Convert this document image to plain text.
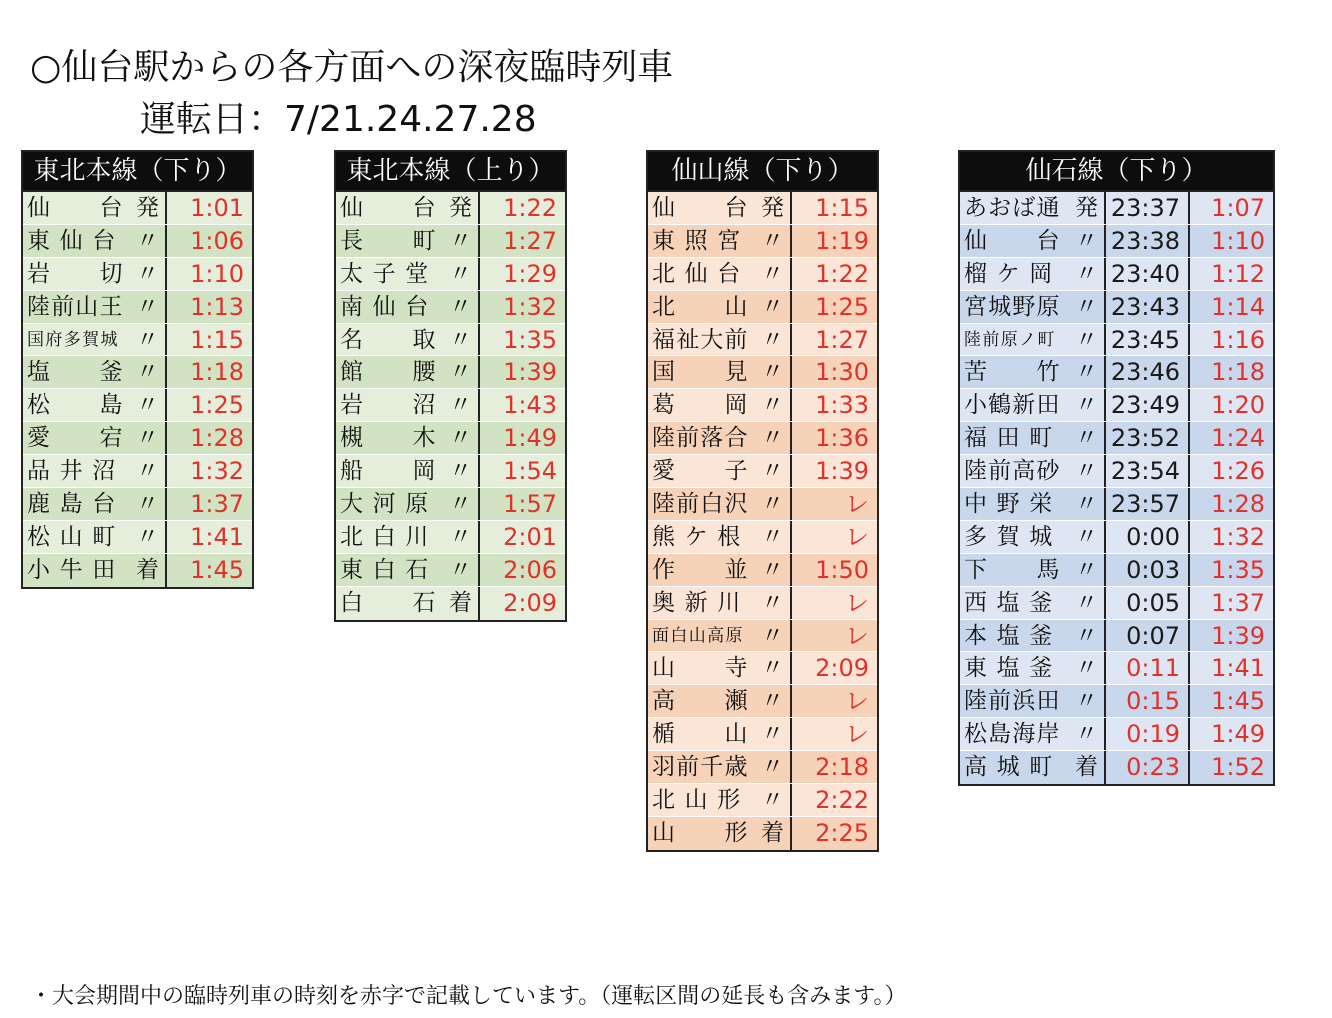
○仙台駅からの各方面への深夜臨時列車
運転日：7/21.24.27.28
東北本線（下り）
仙　　台 発	1:01
東 仙 台 〃	1:06
岩　　切 〃	1:10
陸前山王 〃	1:13
国府多賀城 〃	1:15
塩　　釜 〃	1:18
松　　島 〃	1:25
愛　　宕 〃	1:28
品 井 沼 〃	1:32
鹿 島 台 〃	1:37
松 山 町 〃	1:41
小 牛 田 着	1:45
東北本線（上り）
仙　　台 発	1:22
長　　町 〃	1:27
太 子 堂 〃	1:29
南 仙 台 〃	1:32
名　　取 〃	1:35
館　　腰 〃	1:39
岩　　沼 〃	1:43
槻　　木 〃	1:49
船　　岡 〃	1:54
大 河 原 〃	1:57
北 白 川 〃	2:01
東 白 石 〃	2:06
白　　石 着	2:09
仙山線（下り）
仙　　台 発	1:15
東 照 宮 〃	1:19
北 仙 台 〃	1:22
北　　山 〃	1:25
福祉大前 〃	1:27
国　　見 〃	1:30
葛　　岡 〃	1:33
陸前落合 〃	1:36
愛　　子 〃	1:39
陸前白沢 〃	レ
熊 ケ 根 〃	レ
作　　並 〃	1:50
奥 新 川 〃	レ
面白山高原 〃	レ
山　　寺 〃	2:09
高　　瀬 〃	レ
楯　　山 〃	レ
羽前千歳 〃	2:18
北 山 形 〃	2:22
山　　形 着	2:25
仙石線（下り）
あおば通 発 23:37	1:07
仙　　台 〃 23:38	1:10
榴 ケ 岡 〃 23:40	1:12
宮城野原 〃 23:43	1:14
陸前原ノ町 〃 23:45	1:16
苦　　竹 〃 23:46	1:18
小鶴新田 〃 23:49	1:20
福 田 町 〃 23:52	1:24
陸前高砂 〃 23:54	1:26
中 野 栄 〃 23:57	1:28
多 賀 城 〃	0:00	1:32
下　　馬 〃	0:03	1:35
西 塩 釜 〃	0:05	1:37
本 塩 釜 〃	0:07	1:39
東 塩 釜 〃	0:11	1:41
陸前浜田 〃	0:15	1:45
松島海岸 〃	0:19	1:49
高 城 町 着	0:23	1:52
・大会期間中の臨時列車の時刻を赤字で記載しています。（運転区間の延長も含みます。）
